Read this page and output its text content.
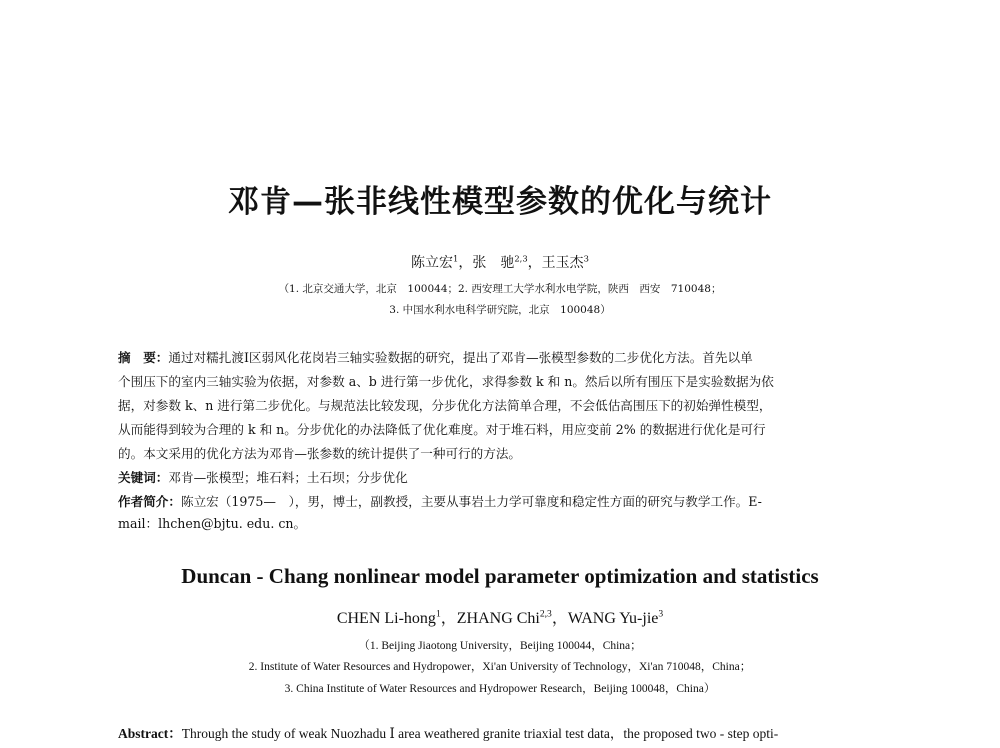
邓肯—张非线性模型参数的优化与统计
陈立宏$^1$，张　驰$^{2,3}$，王玉杰$^3$
（1. 北京交通大学，北京　100044；2. 西安理工大学水利水电学院，陕西　西安　710048；
3. 中国水利水电科学研究院，北京　100048）
摘　要：通过对糯扎渡Ⅰ区弱风化花岗岩三轴实验数据的研究，提出了邓肯—张模型参数的二步优化方法。首先以单
个围压下的室内三轴实验为依据，对参数 a、b 进行第一步优化，求得参数 k 和 n。然后以所有围压下是实验数据为依
据，对参数 k、n 进行第二步优化。与规范法比较发现，分步优化方法简单合理，不会低估高围压下的初始弹性模型，
从而能得到较为合理的 k 和 n。分步优化的办法降低了优化难度。对于堆石料，用应变前 2% 的数据进行优化是可行
的。本文采用的优化方法为邓肯—张参数的统计提供了一种可行的方法。
关键词：邓肯—张模型；堆石料；土石坝；分步优化
作者简介：陈立宏（1975—　），男，博士，副教授，主要从事岩土力学可靠度和稳定性方面的研究与教学工作。E-
mail：lhchen@bjtu. edu. cn。
Duncan - Chang nonlinear model parameter optimization and statistics
CHEN Li-hong$^1$，ZHANG Chi$^{2,3}$，WANG Yu-jie$^3$
（1. Beijing Jiaotong University，Beijing 100044，China；
2. Institute of Water Resources and Hydropower，Xi'an University of Technology，Xi'an 710048，China；
3. China Institute of Water Resources and Hydropower Research，Beijing 100048，China）
Abstract：Through the study of weak Nuozhadu Ⅰ area weathered granite triaxial test data，the proposed two - step opti-
